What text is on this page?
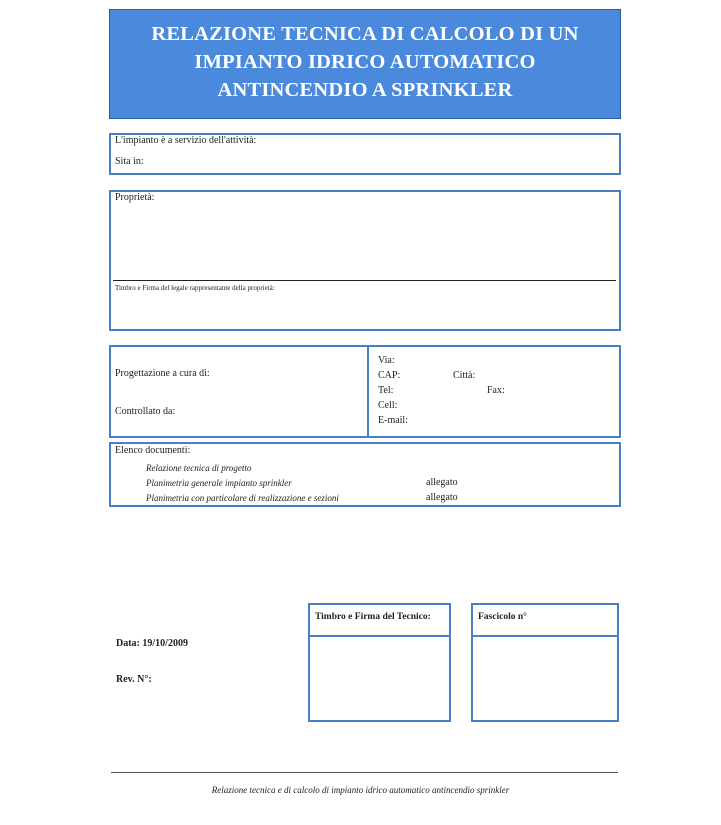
RELAZIONE TECNICA DI CALCOLO DI UN
IMPIANTO IDRICO AUTOMATICO
ANTINCENDIO A SPRINKLER
L'impianto è a servizio dell'attività:
Sita in:
Proprietà:
Timbro e Firma del legale rappresentante della proprietà:
Progettazione a cura di:
Controllato da:
Via:
CAP:	Città:
Tel:	Fax:
Cell:
E-mail:
Elenco documenti:
Relazione tecnica di progetto
Planimetria generale impianto sprinkler	allegato
Planimetria con particolare di realizzazione e sezioni	allegato
Data: 19/10/2009
Rev. N°:
Timbro e Firma del Tecnico:	Fascicolo n°
Relazione tecnica e di calcolo di impianto idrico automatico antincendio sprinkler
